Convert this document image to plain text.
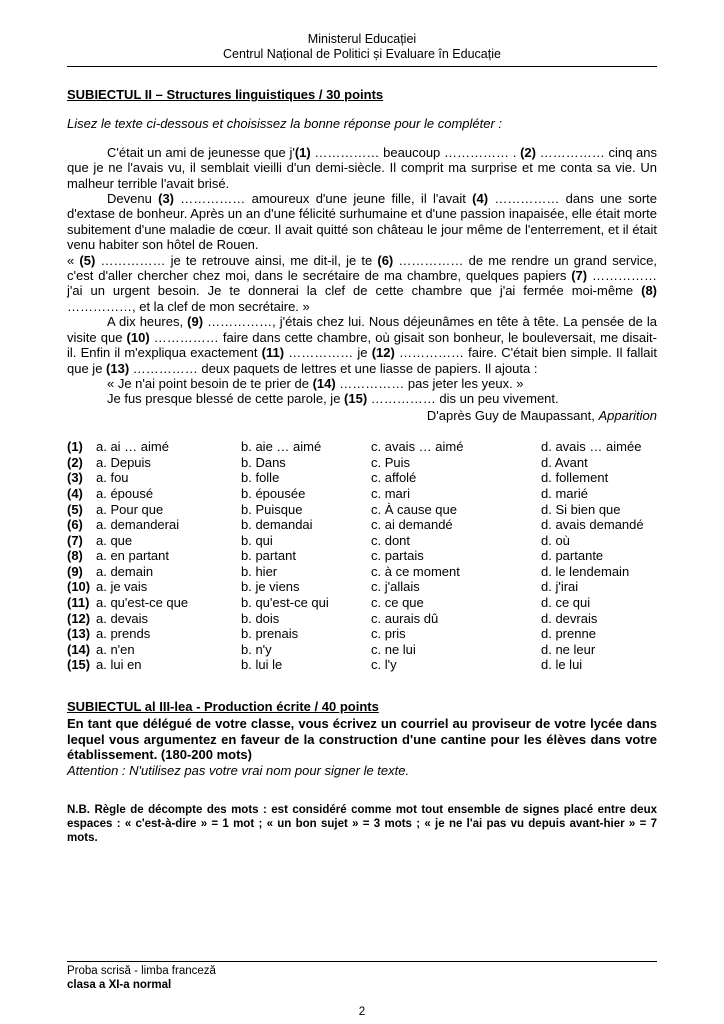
Ministerul Educației
Centrul Național de Politici și Evaluare în Educație
SUBIECTUL II – Structures linguistiques / 30 points

Lisez le texte ci-dessous et choisissez la bonne réponse pour le compléter :

C'était un ami de jeunesse que j'(1) …………… beaucoup …………… . (2) …………… cinq ans que je ne l'avais vu, il semblait vieilli d'un demi-siècle. Il comprit ma surprise et me conta sa vie. Un malheur terrible l'avait brisé.

Devenu (3) …………… amoureux d'une jeune fille, il l'avait (4) …………… dans une sorte d'extase de bonheur. Après un an d'une félicité surhumaine et d'une passion inapaisée, elle était morte subitement d'une maladie de cœur. Il avait quitté son château le jour même de l'enterrement, et il était venu habiter son hôtel de Rouen.

« (5) …………… je te retrouve ainsi, me dit-il, je te (6) …………… de me rendre un grand service, c'est d'aller chercher chez moi, dans le secrétaire de ma chambre, quelques papiers (7) …………… j'ai un urgent besoin. Je te donnerai la clef de cette chambre que j'ai fermée moi-même (8) ……………, et la clef de mon secrétaire. »

A dix heures, (9) ……………, j'étais chez lui. Nous déjeunâmes en tête à tête. La pensée de la visite que (10) …………… faire dans cette chambre, où gisait son bonheur, le bouleversait, me disait-il. Enfin il m'expliqua exactement (11) …………… je (12) …………… faire. C'était bien simple. Il fallait que je (13) …………… deux paquets de lettres et une liasse de papiers. Il ajouta :

« Je n'ai point besoin de te prier de (14) …………… pas jeter les yeux. »

Je fus presque blessé de cette parole, je (15) …………… dis un peu vivement.

D'après Guy de Maupassant, Apparition

(1)	a. ai … aimé	b. aie … aimé	c. avais … aimé	d. avais … aimée
(2)	a. Depuis	b. Dans	c. Puis	d. Avant
(3)	a. fou	b. folle	c. affolé	d. follement
(4)	a. épousé	b. épousée	c. mari	d. marié
(5)	a. Pour que	b. Puisque	c. À cause que	d. Si bien que
(6)	a. demanderai	b. demandai	c. ai demandé	d. avais demandé
(7)	a. que	b. qui	c. dont	d. où
(8)	a. en partant	b. partant	c. partais	d. partante
(9)	a. demain	b. hier	c. à ce moment	d. le lendemain
(10) a. je vais	b. je viens	c. j'allais	d. j'irai
(11) a. qu'est-ce que	b. qu'est-ce qui	c. ce que	d. ce qui
(12) a. devais	b. dois	c. aurais dû	d. devrais
(13) a. prends	b. prenais	c. pris	d. prenne
(14) a. n'en	b. n'y	c. ne lui	d. ne leur
(15) a. lui en	b. lui le	c. l'y	d. le lui
SUBIECTUL al III-lea - Production écrite / 40 points

En tant que délégué de votre classe, vous écrivez un courriel au proviseur de votre lycée dans lequel vous argumentez en faveur de la construction d'une cantine pour les élèves dans votre établissement. (180-200 mots)

Attention : N'utilisez pas votre vrai nom pour signer le texte.

N.B. Règle de décompte des mots : est considéré comme mot tout ensemble de signes placé entre deux espaces : « c'est-à-dire » = 1 mot ; « un bon sujet » = 3 mots ; « je ne l'ai pas vu depuis avant-hier » = 7 mots.

Proba scrisă - limba franceză
clasa a XI-a normal
2
